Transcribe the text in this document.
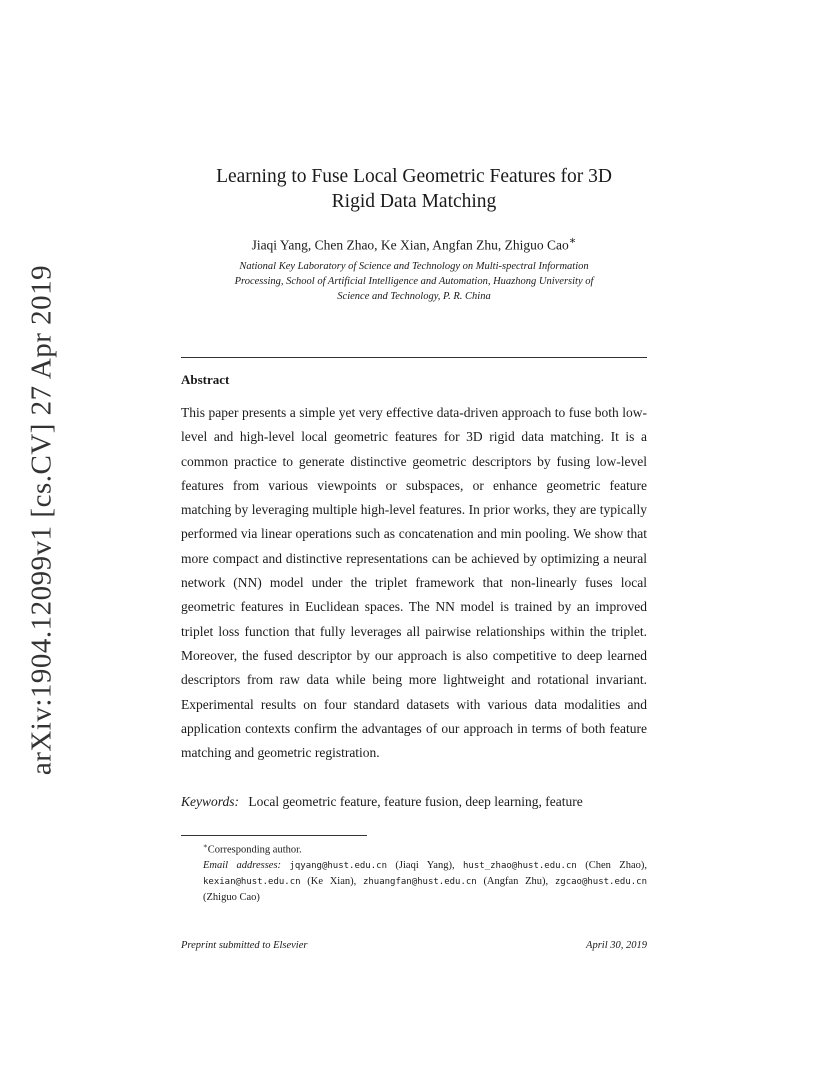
arXiv:1904.12099v1 [cs.CV] 27 Apr 2019
Learning to Fuse Local Geometric Features for 3D
Rigid Data Matching
Jiaqi Yang, Chen Zhao, Ke Xian, Angfan Zhu, Zhiguo Cao∗
National Key Laboratory of Science and Technology on Multi-spectral Information
Processing, School of Artificial Intelligence and Automation, Huazhong University of
Science and Technology, P. R. China
Abstract
This paper presents a simple yet very effective data-driven approach to fuse both low-level and high-level local geometric features for 3D rigid data matching. It is a common practice to generate distinctive geometric descriptors by fusing low-level features from various viewpoints or subspaces, or enhance geometric feature matching by leveraging multiple high-level features. In prior works, they are typically performed via linear operations such as concatenation and min pooling. We show that more compact and distinctive representations can be achieved by optimizing a neural network (NN) model under the triplet framework that non-linearly fuses local geometric features in Euclidean spaces. The NN model is trained by an improved triplet loss function that fully leverages all pairwise relationships within the triplet. Moreover, the fused descriptor by our approach is also competitive to deep learned descriptors from raw data while being more lightweight and rotational invariant. Experimental results on four standard datasets with various data modalities and application contexts confirm the advantages of our approach in terms of both feature matching and geometric registration.
Keywords: Local geometric feature, feature fusion, deep learning, feature

∗Corresponding author.

Email addresses: jqyang@hust.edu.cn (Jiaqi Yang), hust_zhao@hust.edu.cn (Chen Zhao), kexian@hust.edu.cn (Ke Xian), zhuangfan@hust.edu.cn (Angfan Zhu), zgcao@hust.edu.cn (Zhiguo Cao)

Preprint submitted to Elsevier	April 30, 2019
